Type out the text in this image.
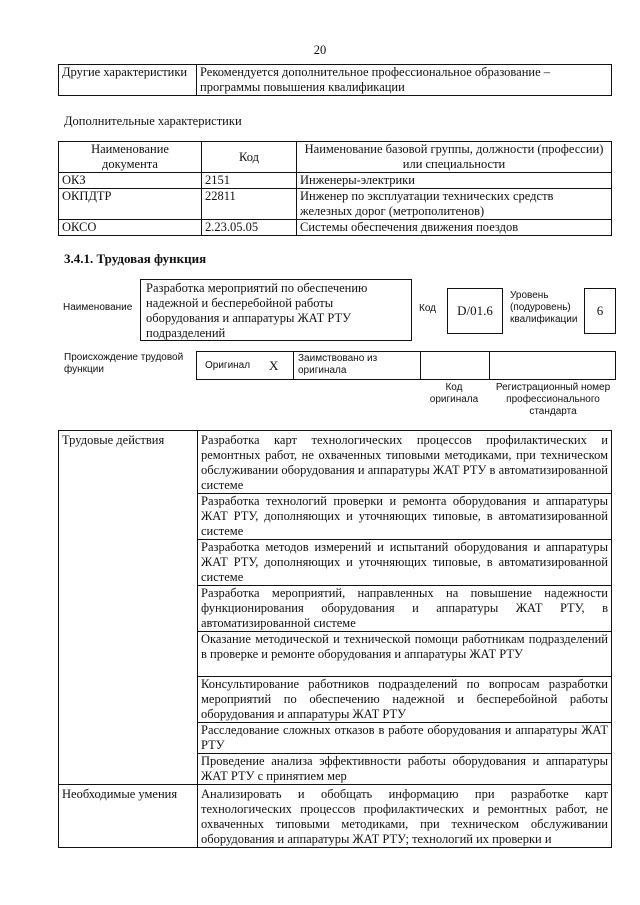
20
Другие характеристики	Рекомендуется дополнительное профессиональное образование – программы повышения квалификации
Дополнительные характеристики
Наименование документа	Код	Наименование базовой группы, должности (профессии) или специальности
ОКЗ	2151	Инженеры-электрики
ОКПДТР	22811	Инженер по эксплуатации технических средств железных дорог (метрополитенов)
ОКСО	2.23.05.05	Системы обеспечения движения поездов
3.4.1. Трудовая функция
Наименование
Разработка мероприятий по обеспечению надежной и бесперебойной работы оборудования и аппаратуры ЖАТ РТУ подразделений
Код	D/01.6
Уровень (подуровень) квалификации
6
Происхождение трудовой функции	Оригинал X Заимствовано из оригинала
Код оригинала
Регистрационный номер профессионального стандарта
Трудовые действия	Разработка карт технологических процессов профилактических и ремонтных работ, не охваченных типовыми методиками, при техническом обслуживании оборудования и аппаратуры ЖАТ РТУ в автоматизированной системе
	Разработка технологий проверки и ремонта оборудования и аппаратуры ЖАТ РТУ, дополняющих и уточняющих типовые, в автоматизированной системе
	Разработка методов измерений и испытаний оборудования и аппаратуры ЖАТ РТУ, дополняющих и уточняющих типовые, в автоматизированной системе
	Разработка мероприятий, направленных на повышение надежности функционирования оборудования и аппаратуры ЖАТ РТУ, в автоматизированной системе
	Оказание методической и технической помощи работникам подразделений в проверке и ремонте оборудования и аппаратуры ЖАТ РТУ
	Консультирование работников подразделений по вопросам разработки мероприятий по обеспечению надежной и бесперебойной работы оборудования и аппаратуры ЖАТ РТУ
	Расследование сложных отказов в работе оборудования и аппаратуры ЖАТ РТУ
	Проведение анализа эффективности работы оборудования и аппаратуры ЖАТ РТУ с принятием мер
Необходимые умения	Анализировать и обобщать информацию при разработке карт технологических процессов профилактических и ремонтных работ, не охваченных типовыми методиками, при техническом обслуживании оборудования и аппаратуры ЖАТ РТУ; технологий их проверки и
